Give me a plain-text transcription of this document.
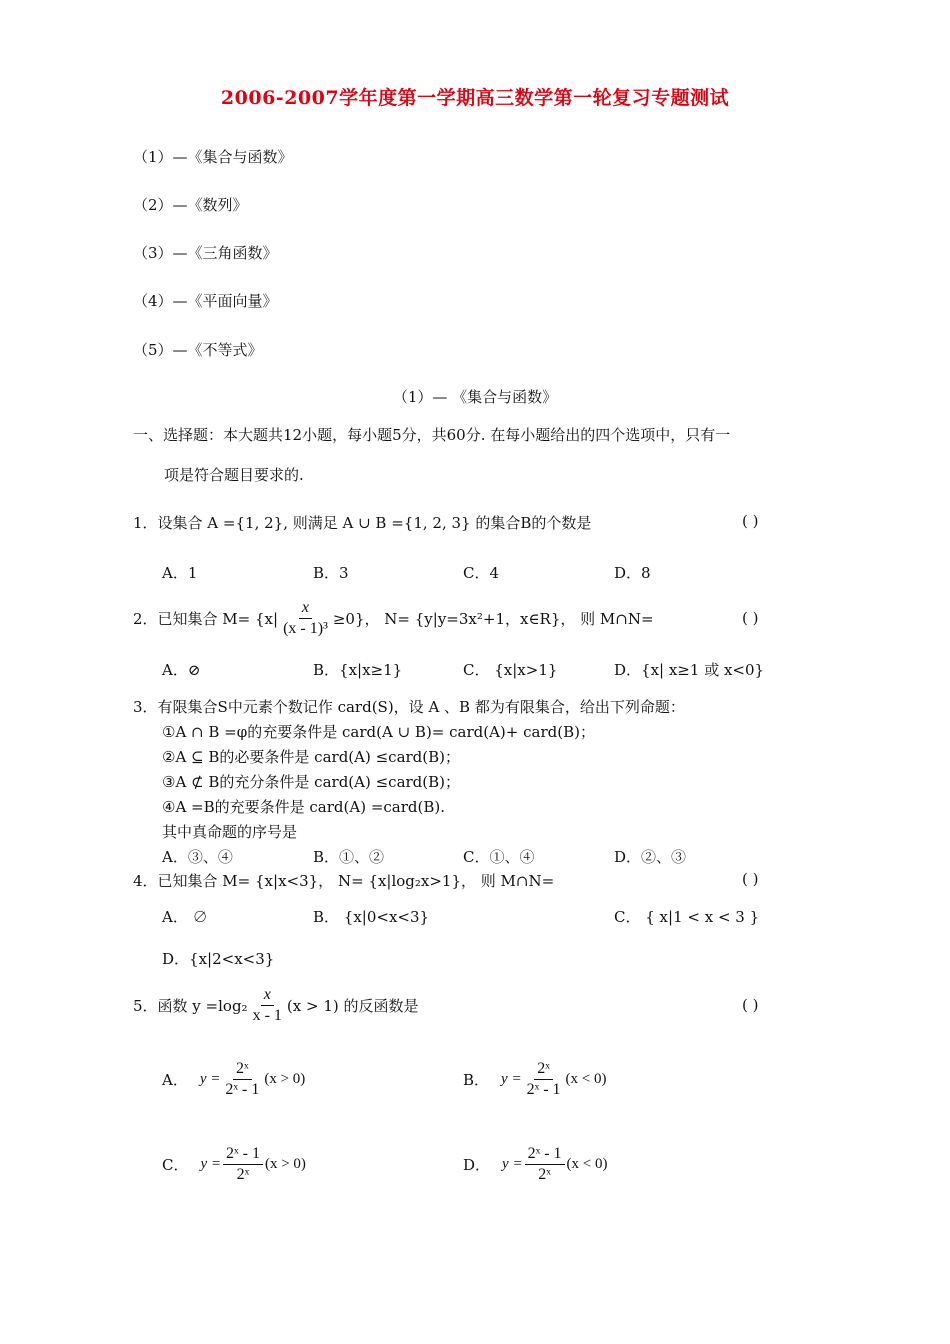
2006-2007学年度第一学期高三数学第一轮复习专题测试
（1）—《集合与函数》
（2）—《数列》
（3）—《三角函数》
（4）—《平面向量》
（5）—《不等式》
（1）— 《集合与函数》
一、选择题：本大题共12小题，每小题5分，共60分. 在每小题给出的四个选项中，只有一
项是符合题目要求的.
1．设集合 A ={1, 2}, 则满足 A ∪ B ={1, 2, 3} 的集合B的个数是	( )
A．1	B．3	C．4	D．8
2．已知集合 $M= \{x| \frac{x}{\text{(x - 1)³}} \ge 0\}$， N= {y|y=3x²+1，x∈R}， 则 M∩N=	( )
A．⊘	B．{x|x≥1}	C． {x|x>1}	D．{x| x≥1 或 x<0}
3．有限集合S中元素个数记作 card(S)，设 A 、B 都为有限集合，给出下列命题：
①A ∩ B =φ的充要条件是 card(A ∪ B)= card(A)+ card(B)；
②A ⊆ B的必要条件是 card(A) ≤card(B)；
③A ⊄ B的充分条件是 card(A) ≤card(B)；
④A =B的充要条件是 card(A) =card(B).
其中真命题的序号是
A．③、④	B．①、②	C．①、④	D．②、③
4．已知集合 M= {x|x<3}， N= {x|log₂x>1}， 则 M∩N=	( )
A． ∅	B． {x|0<x<3}	C． { x|1 < x < 3 }
D．{x|2<x<3}
5．函数 $y =\log_2 \frac{x}{x - 1} (x > 1)$ 的反函数是	( )
A． $y = \frac{\text{2ˣ}}{\text{2ˣ - 1}} (x > 0)$	B． $y = \frac{\text{2ˣ}}{\text{2ˣ - 1}} (x < 0)$
C． $y = \frac{\text{2ˣ - 1}}{\text{2ˣ}} (x > 0)$	D． $y = \frac{\text{2ˣ - 1}}{\text{2ˣ}} (x < 0)$
